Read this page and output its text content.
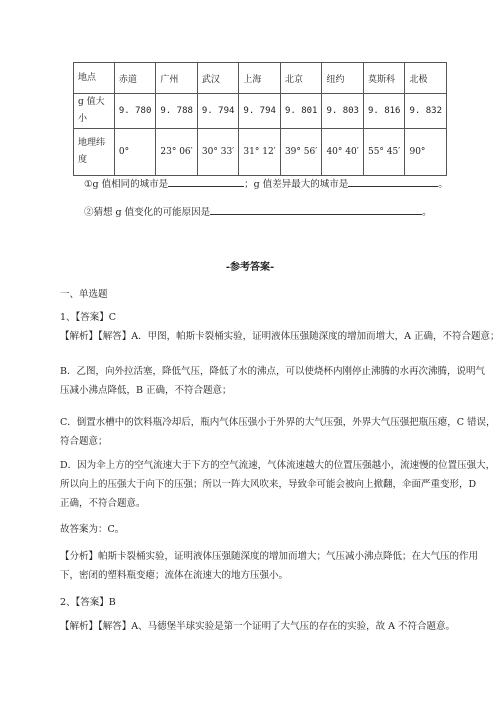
地点	赤道	广州	武汉	上海	北京	纽约	莫斯科	北极
g 值大小	9. 780	9. 788	9. 794	9. 794	9. 801	9. 803	9. 816	9. 832
地理纬度	0°	23° 06′	30° 33′	31° 12′	39° 56′	40° 40′	55° 45′	90°
①g 值相同的城市是	；g 值差异最大的城市是	。
②猜想 g 值变化的可能原因是	。
-参考答案-
一、单选题
1、【答案】C
【解析】【解答】A．甲图，帕斯卡裂桶实验，证明液体压强随深度的增加而增大，A 正确，不符合题意；
B．乙图，向外拉活塞，降低气压，降低了水的沸点，可以使烧杯内刚停止沸腾的水再次沸腾，说明气
压减小沸点降低，B 正确，不符合题意；
C．倒置水槽中的饮料瓶冷却后，瓶内气体压强小于外界的大气压强，外界大气压强把瓶压瘪，C 错误，
符合题意；
D．因为伞上方的空气流速大于下方的空气流速，气体流速越大的位置压强越小，流速慢的位置压强大，
所以向上的压强大于向下的压强；所以一阵大风吹来，导致伞可能会被向上掀翻，伞面严重变形，D
正确，不符合题意。
故答案为：C。
【分析】帕斯卡裂桶实验，证明液体压强随深度的增加而增大；气压减小沸点降低；在大气压的作用
下，密闭的塑料瓶变瘪；流体在流速大的地方压强小。
2、【答案】B
【解析】【解答】A、马德堡半球实验是第一个证明了大气压的存在的实验，故 A 不符合题意。
